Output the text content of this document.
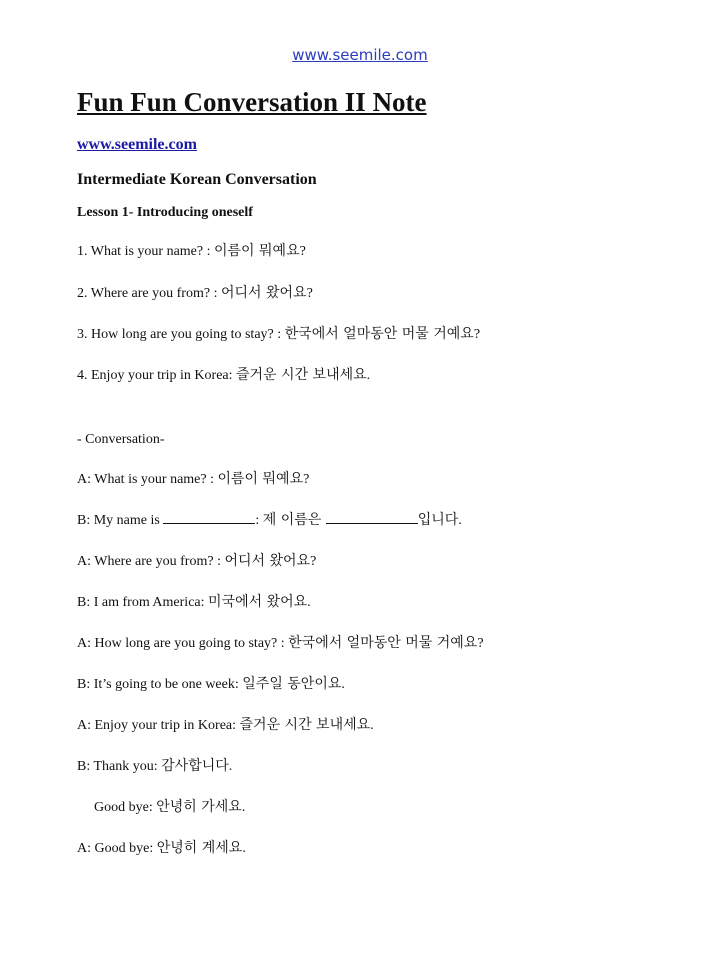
www.seemile.com
Fun Fun Conversation II Note
www.seemile.com
Intermediate Korean Conversation
Lesson 1- Introducing oneself
1. What is your name? : 이름이 뭐예요?
2. Where are you from? : 어디서 왔어요?
3. How long are you going to stay? : 한국에서 얼마동안 머물 거예요?
4. Enjoy your trip in Korea: 즐거운 시간 보내세요.
- Conversation-
A: What is your name? : 이름이 뭐예요?
B: My name is	: 제 이름은	입니다.
A: Where are you from? : 어디서 왔어요?
B: I am from America: 미국에서 왔어요.
A: How long are you going to stay? : 한국에서 얼마동안 머물 거예요?
B: It’s going to be one week: 일주일 동안이요.
A: Enjoy your trip in Korea: 즐거운 시간 보내세요.
B: Thank you: 감사합니다.
Good bye: 안녕히 가세요.
A: Good bye: 안녕히 계세요.
